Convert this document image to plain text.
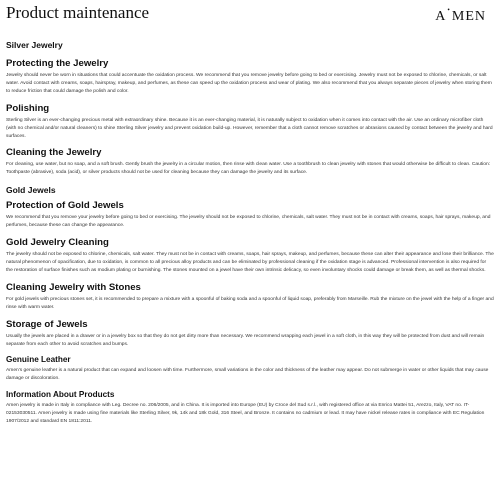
Product maintenance	A • MEN
Silver Jewelry
Protecting the Jewelry

Jewelry should never be worn in situations that could accentuate the oxidation process. We recommend that you remove jewelry before going to bed or exercising. Jewelry must not be exposed to chlorine, chemicals, or salt water. Avoid contact with creams, soaps, hairspray, makeup, and perfumes, as these can speed up the oxidation process and wear of plating. We also recommend that you always separate pieces of jewelry when storing them to reduce friction that could damage the polish and color.

Polishing

Sterling Silver is an ever-changing precious metal with extraordinary shine. Because it is an ever-changing material, it is naturally subject to oxidation when it comes into contact with the air. Use an ordinary microfiber cloth (with no chemical and/or natural cleaners) to shine Sterling Silver jewelry and prevent oxidation build-up. However, remember that a cloth cannot remove scratches or abrasions caused by contact between the jewelry and hard surfaces.

Cleaning the Jewelry

For cleaning, use water, but no soap, and a soft brush. Gently brush the jewelry in a circular motion, then rinse with clean water. Use a toothbrush to clean jewelry with stones that would otherwise be difficult to clean. Caution: Toothpaste (abrasive), soda (acid), or silver products should not be used for cleaning because they can damage the jewelry and its surface.

Gold Jewels
Protection of Gold Jewels

We recommend that you remove your jewelry before going to bed or exercising. The jewelry should not be exposed to chlorine, chemicals, salt water. They must not be in contact with creams, soaps, hair sprays, makeup, and perfumes, because these can change the appearance.

Gold Jewelry Cleaning

The jewelry should not be exposed to chlorine, chemicals, salt water. They must not be in contact with creams, soaps, hair sprays, makeup, and perfumes, because these can alter their appearance and lose their brilliance. The natural phenomenon of opacification, due to oxidation, is common to all precious alloy products and can be eliminated by professional cleaning if the oxidation stage is advanced. Professional intervention is also required for the restoration of surface finishes such as modium plating or burnishing. The stones mounted on a jewel have their own intrinsic delicacy, so even involuntary shocks could damage or break them, as well as thermal shocks.

Cleaning Jewelry with Stones

For gold jewels with precious stones set, it is recommended to prepare a mixture with a spoonful of baking soda and a spoonful of liquid soap, preferably from Marseille. Rub the mixture on the jewel with the help of a finger and rinse with warm water.

Storage of Jewels

Usually the jewels are placed in a drawer or in a jewelry box so that they do not get dirty more than necessary. We recommend wrapping each jewel in a soft cloth, in this way they will be protected from dust and will remain separate from each other to avoid scratches and bumps.

Genuine Leather

Amen's genuine leather is a natural product that can expand and loosen with time. Furthermore, small variations in the color and thickness of the leather may appear. Do not submerge in water or other liquids that may cause damage or discoloration.

Information About Products

Amen jewelry is made in Italy in compliance with Leg. Decree no. 206/2005, and in China. It is imported into Europe (EU) by Croce del Sud s.r.l., with registered office at via Enrico Mattei 51, Arezzo, Italy, VAT no. IT-02153030511. Amen jewelry is made using fine materials like Sterling Silver, 9k, 14k and 18k Gold, 316 Steel, and Bronze. It contains no cadmium or lead. It may have nickel release rates in compliance with EC Regulation 1907/2012 and standard EN 1811:2011.
